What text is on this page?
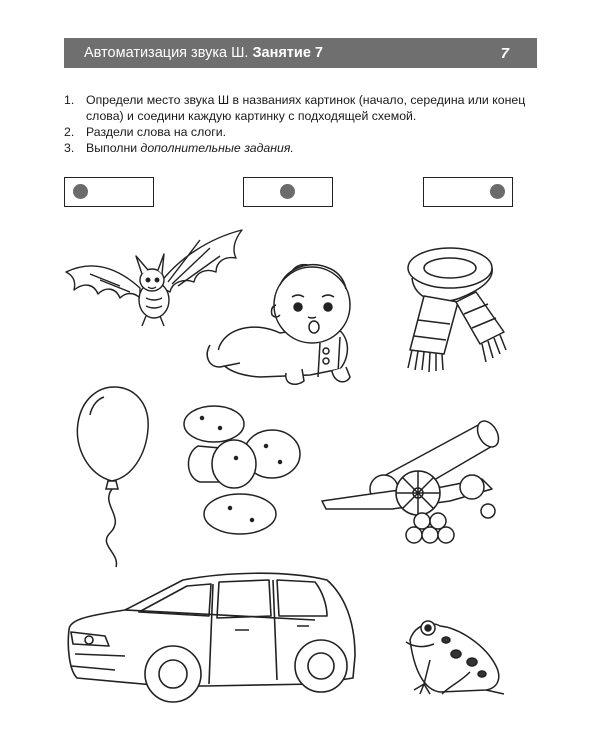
Автоматизация звука Ш. Занятие 7	7
1. Определи место звука Ш в названиях картинок (начало, середина или конец
слова) и соедини каждую картинку с подходящей схемой.
2. Раздели слова на слоги.
3. Выполни дополнительные задания.
